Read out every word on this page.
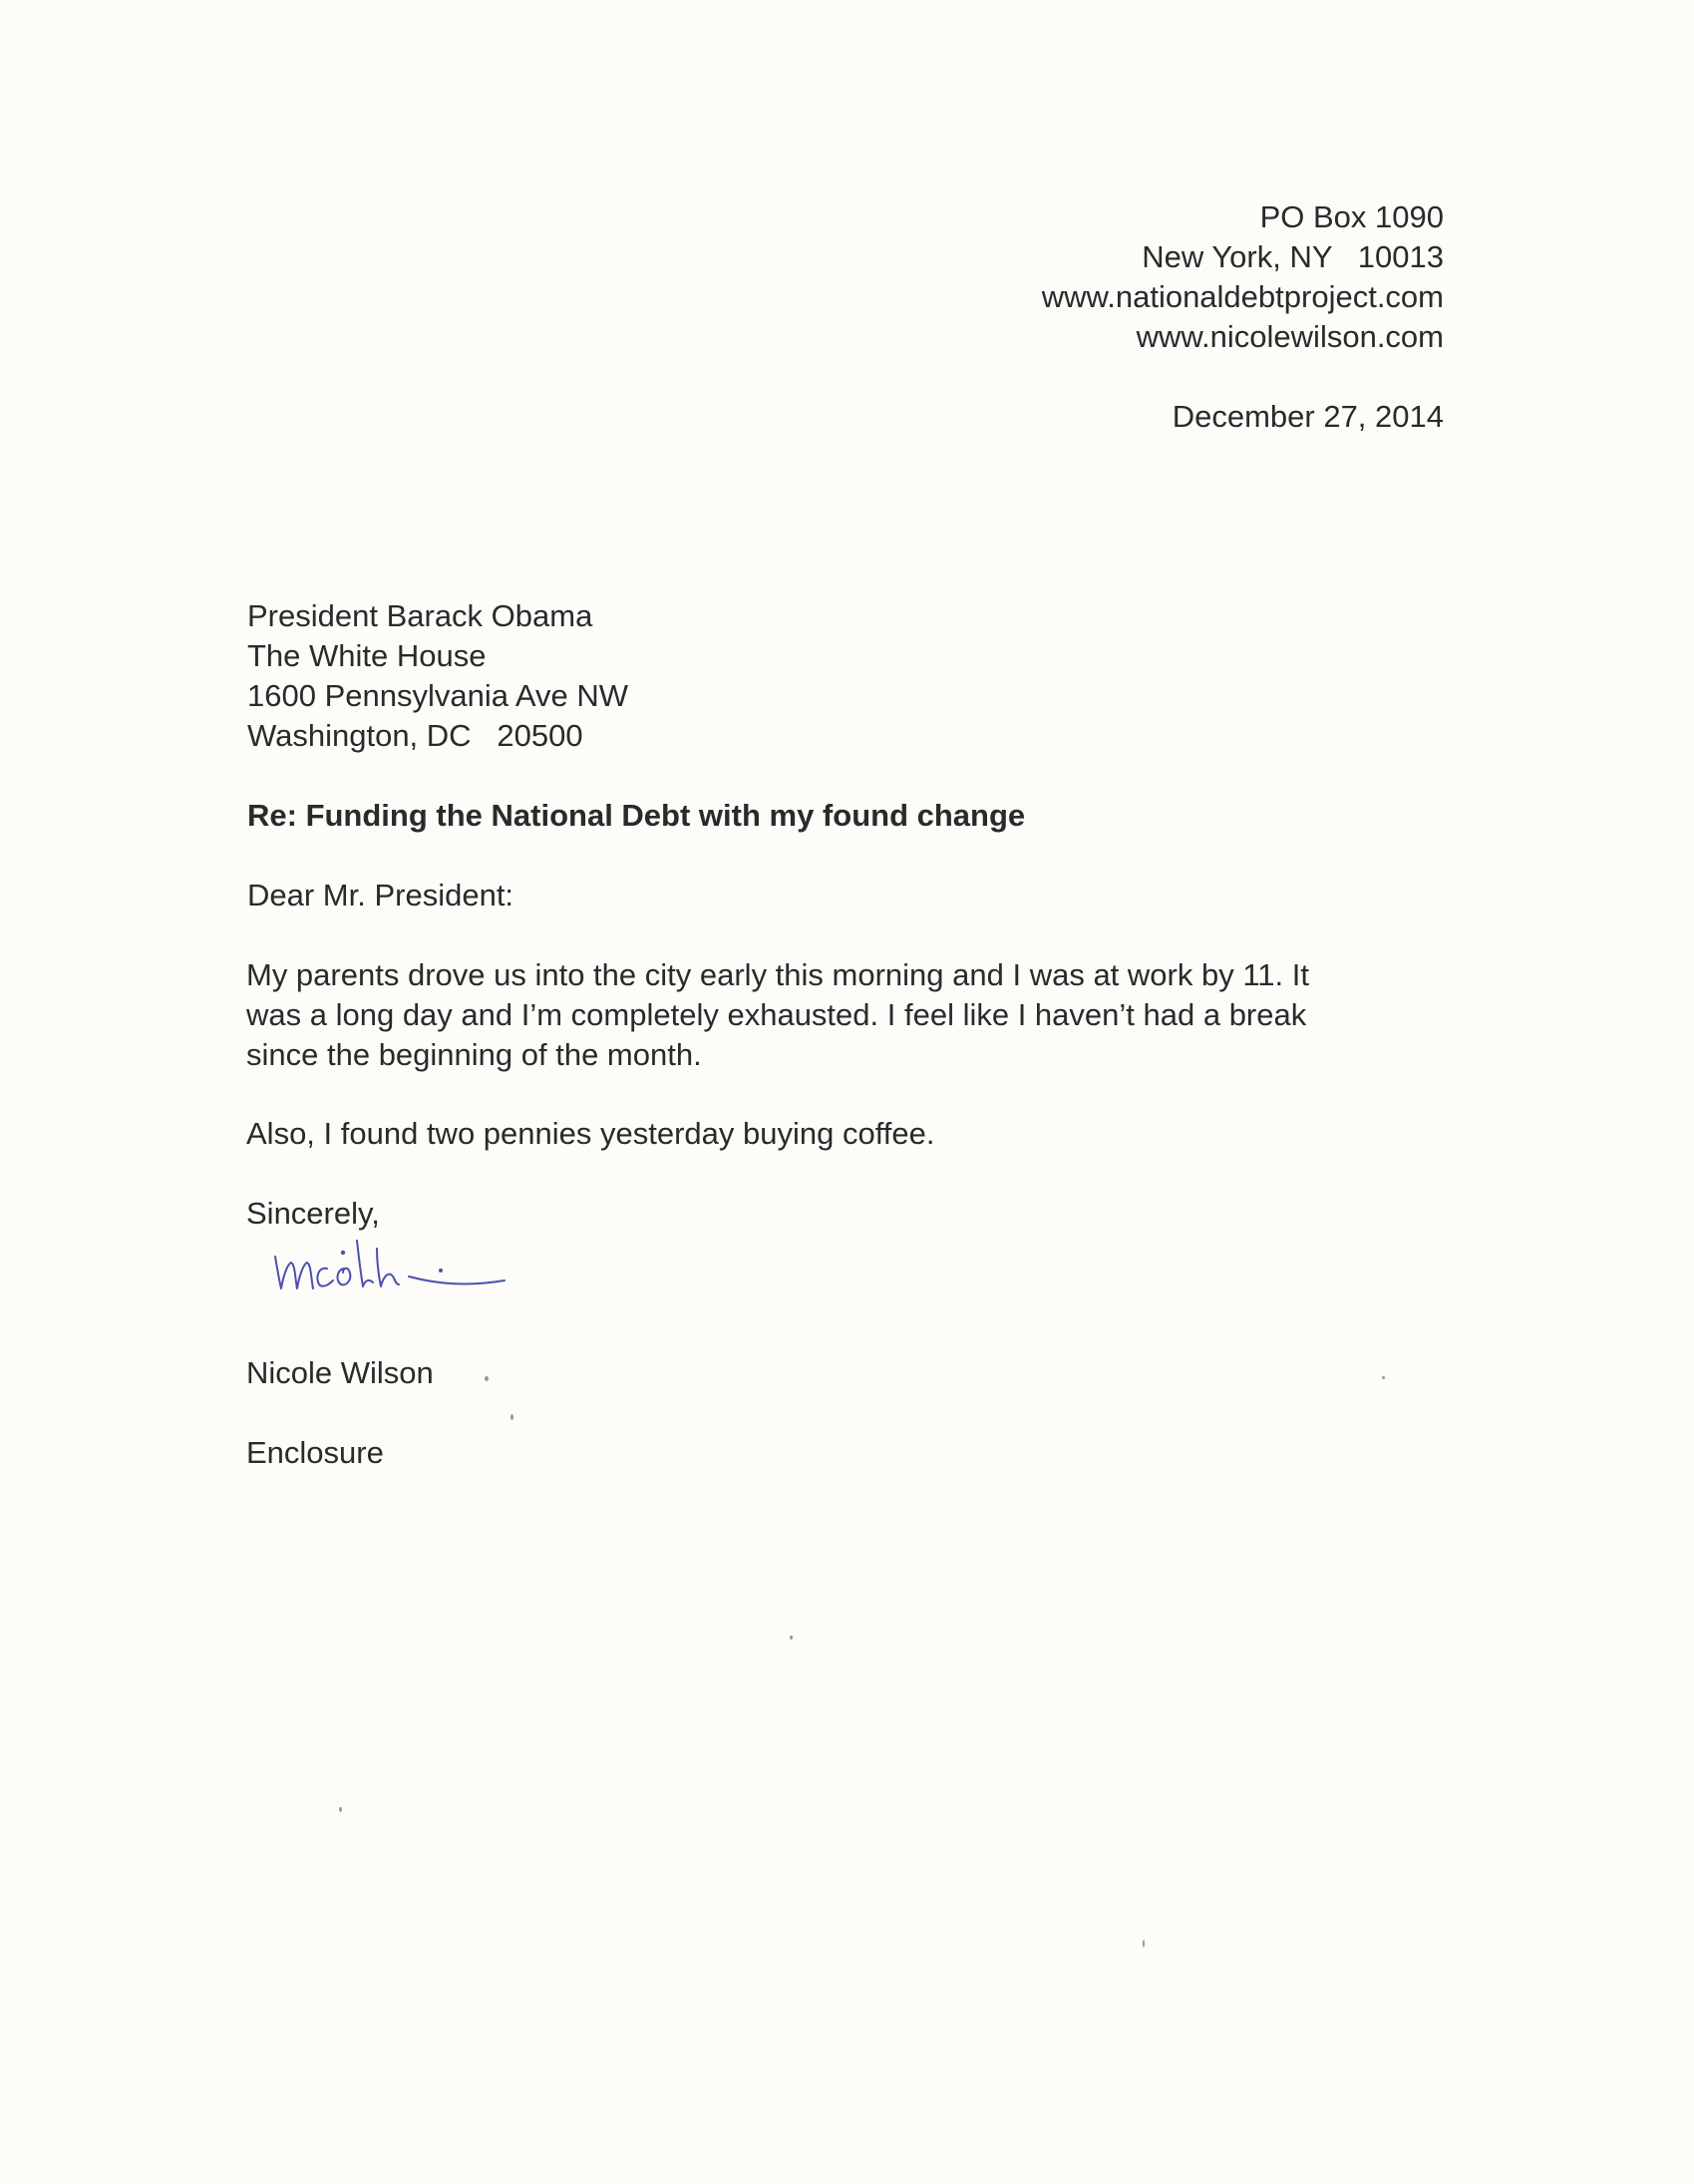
PO Box 1090
New York, NY   10013
www.nationaldebtproject.com
www.nicolewilson.com
December 27, 2014
President Barack Obama
The White House
1600 Pennsylvania Ave NW
Washington, DC   20500
Re: Funding the National Debt with my found change
Dear Mr. President:
My parents drove us into the city early this morning and I was at work by 11. It
was a long day and I’m completely exhausted. I feel like I haven’t had a break
since the beginning of the month.
Also, I found two pennies yesterday buying coffee.
Sincerely,
Nicole Wilson
Enclosure
